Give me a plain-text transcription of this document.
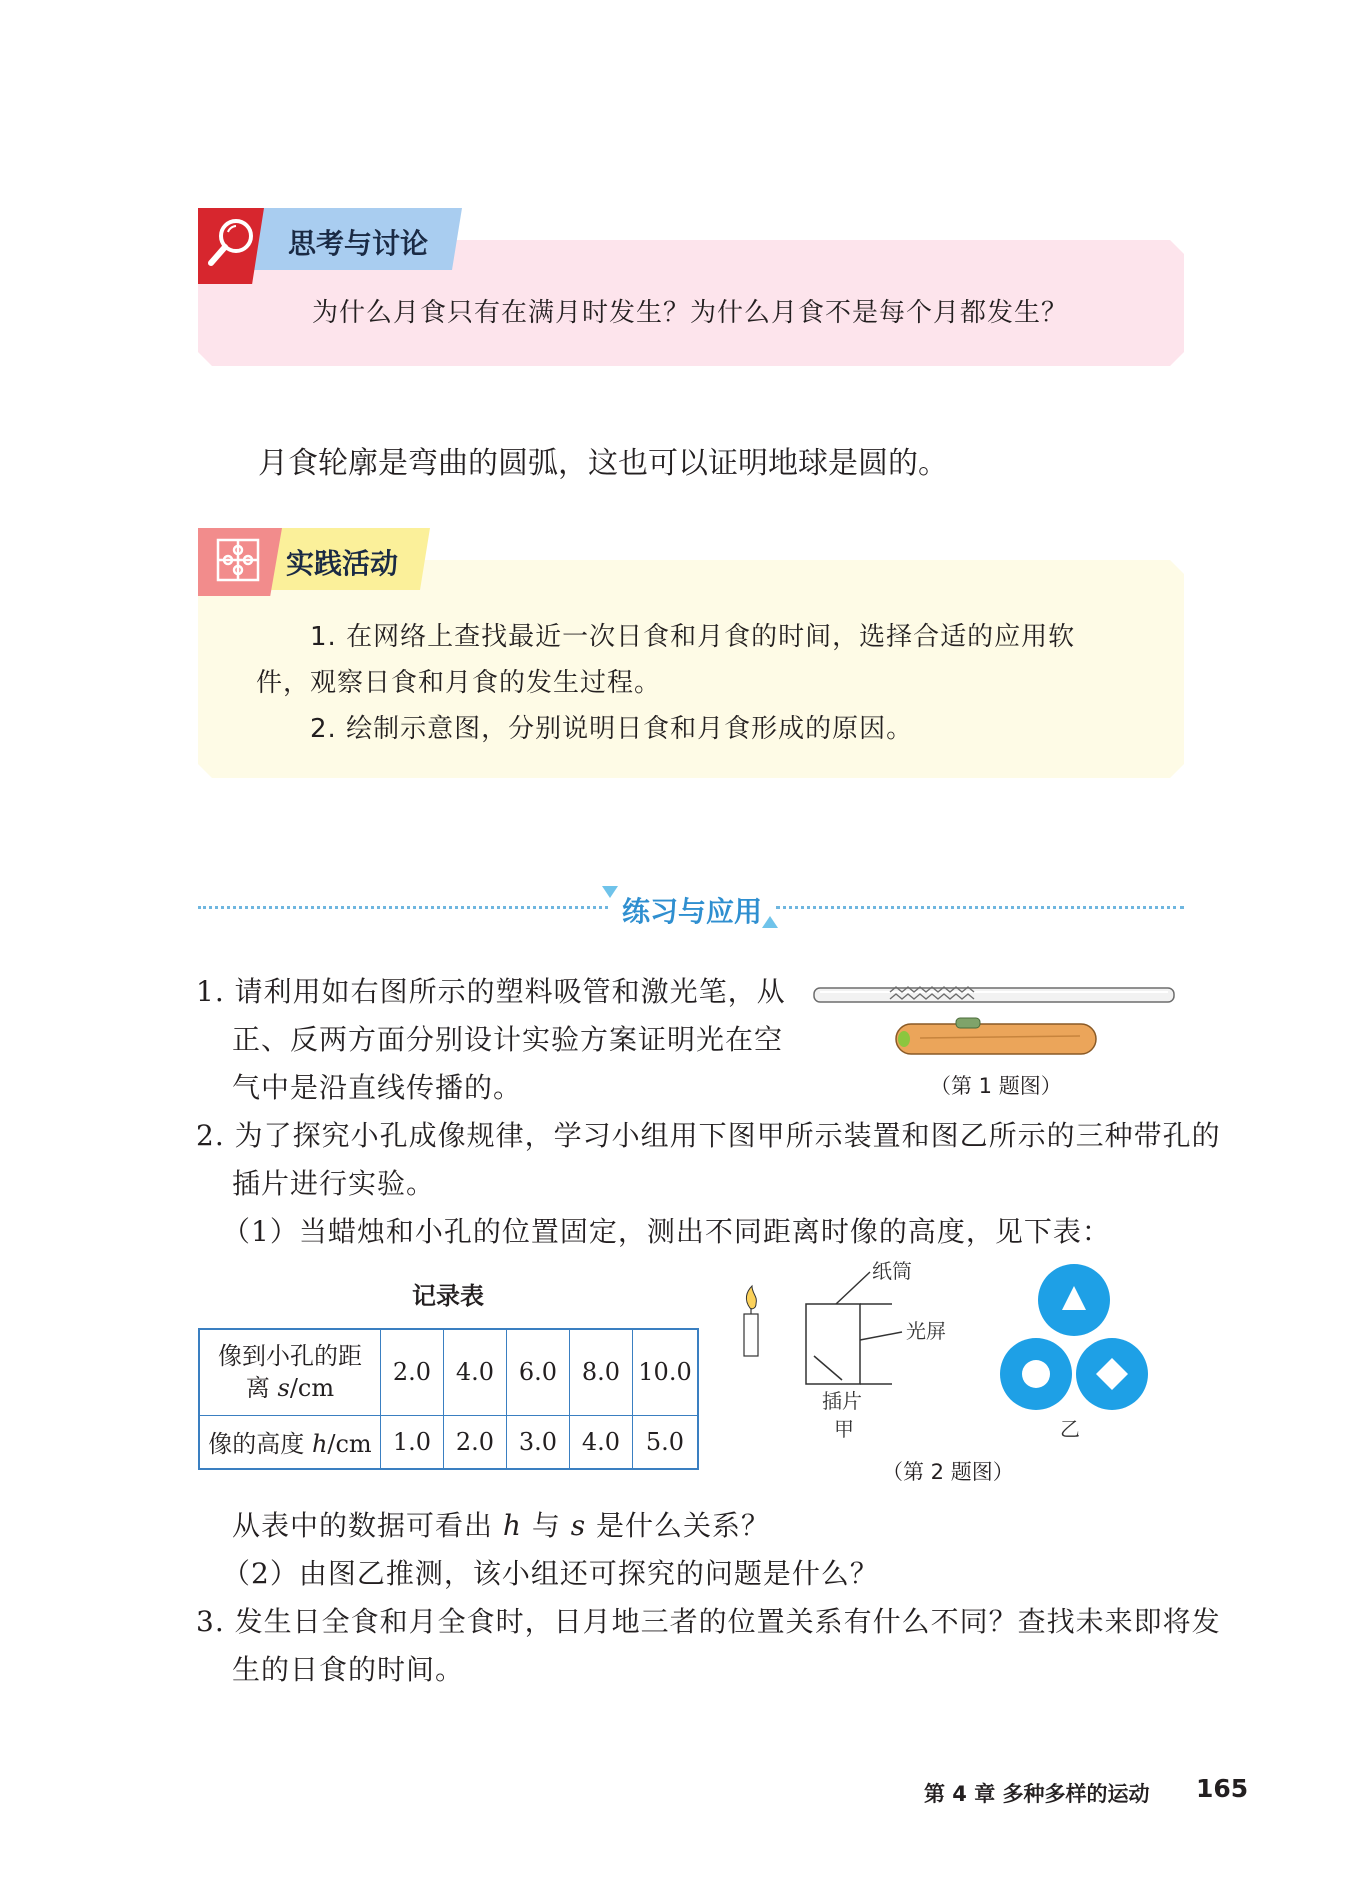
思考与讨论
为什么月食只有在满月时发生？为什么月食不是每个月都发生？
月食轮廓是弯曲的圆弧，这也可以证明地球是圆的。
实践活动
1. 在网络上查找最近一次日食和月食的时间，选择合适的应用软
件，观察日食和月食的发生过程。
2. 绘制示意图，分别说明日食和月食形成的原因。
练习与应用
1. 请利用如右图所示的塑料吸管和激光笔，从
正、反两方面分别设计实验方案证明光在空
气中是沿直线传播的。	（第 1 题图）
2. 为了探究小孔成像规律，学习小组用下图甲所示装置和图乙所示的三种带孔的
插片进行实验。
（1）当蜡烛和小孔的位置固定，测出不同距离时像的高度，见下表：
记录表
像到小孔的距
离 s/cm	2.0	4.0	6.0	8.0	10.0
像的高度 h/cm	1.0	2.0	3.0	4.0	5.0
纸筒
光屏
插片
甲	乙
（第 2 题图）
从表中的数据可看出 h 与 s 是什么关系？
（2）由图乙推测，该小组还可探究的问题是什么？
3. 发生日全食和月全食时，日月地三者的位置关系有什么不同？查找未来即将发
生的日食的时间。
第 4 章 多种多样的运动 165
